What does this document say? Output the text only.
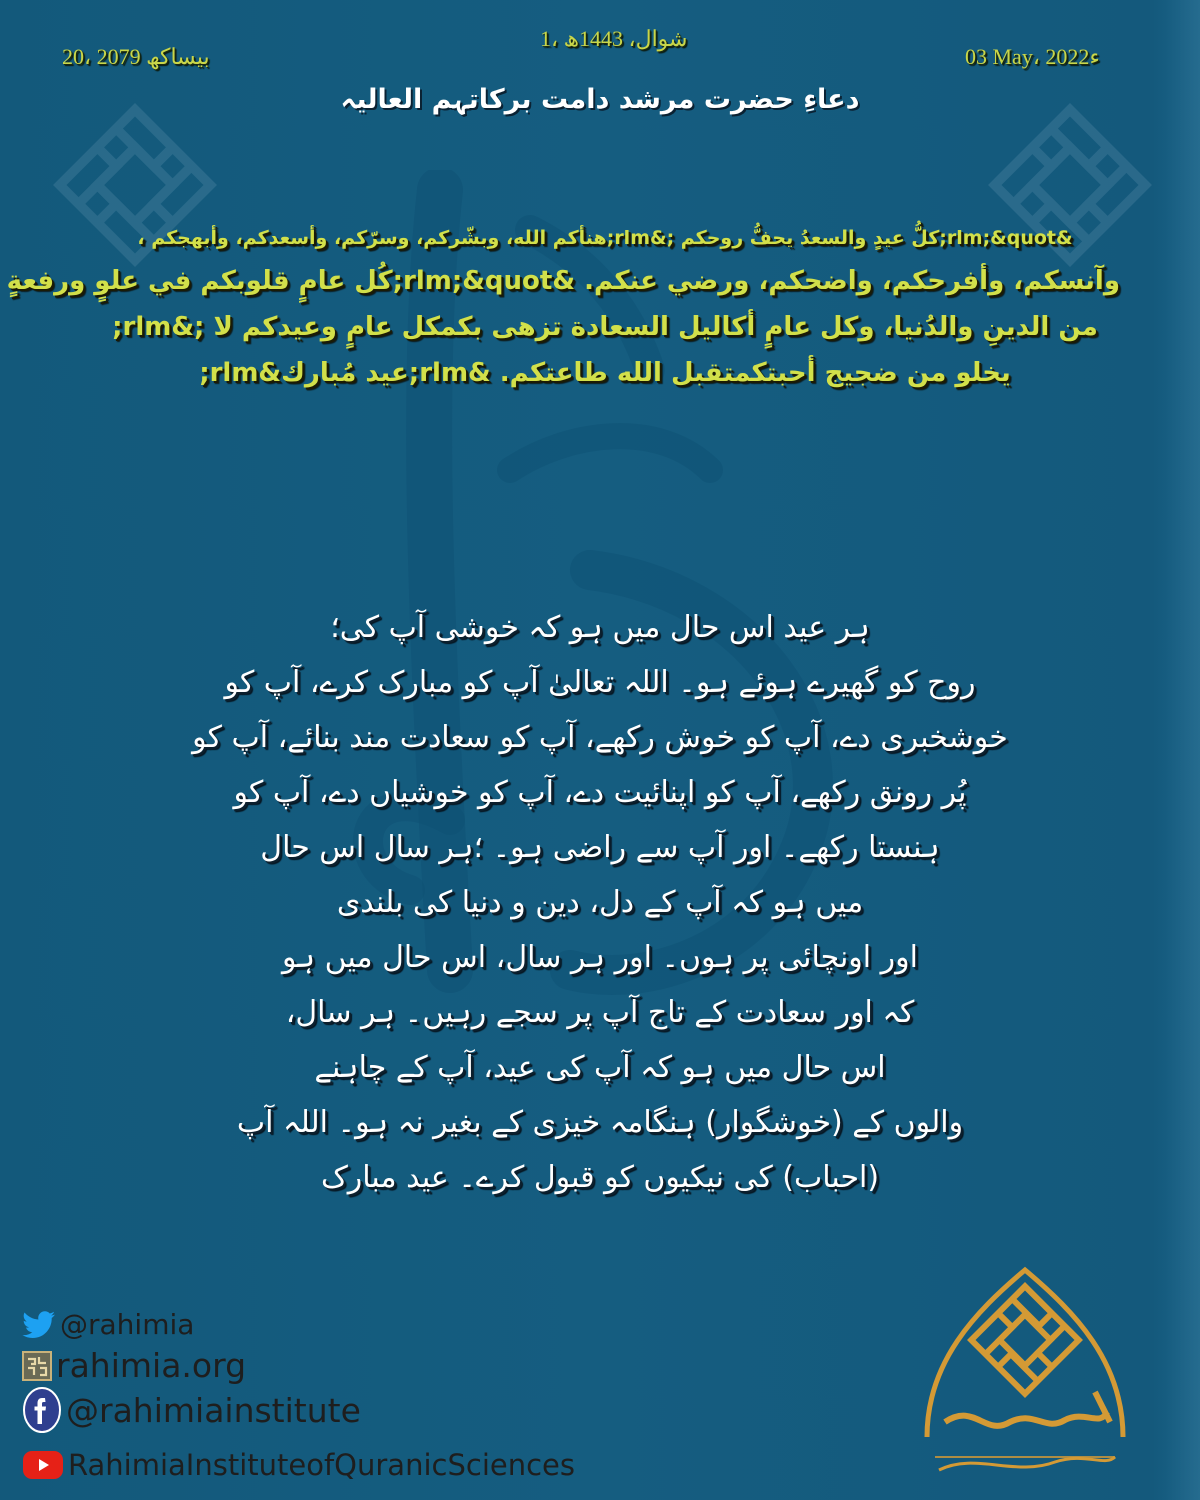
20، بیساکھ 2079
1، شوال، 1443ھ
03 May، 2022ء
دعاءِ حضرت مرشد دامت برکاتہم العالیہ
&rlm;&quot;كلُّ عيدٍ والسعدُ يحفُّ روحكم ;&rlm;هنأكم الله، وبشّركم، وسرّكم، وأسعدكم، وأبهجكم ،
وآنسكم، وأفرحكم، واضحكم، ورضي عنكم. &rlm;&quot;كُل عامٍ قلوبكم في علوٍ ورفعةٍ
من الدينِ والدُنيا، وكل عامٍ أكاليل السعادة تزهى بكمكل عامٍ وعيدكم لا ;&rlm;
يخلو من ضجيج أحبتكمتقبل الله طاعتكم. &rlm;عيد مُبارك&rlm;
ہر عید اس حال میں ہو کہ خوشی آپ کی؛
روح کو گھیرے ہوئے ہو۔ اللہ تعالیٰ آپ کو مبارک کرے، آپ کو
خوشخبری دے، آپ کو خوش رکھے، آپ کو سعادت مند بنائے، آپ کو
پُر رونق رکھے، آپ کو اپنائیت دے، آپ کو خوشیاں دے، آپ کو
ہنستا رکھے۔ اور آپ سے راضی ہو۔ ؛ہر سال اس حال
میں ہو کہ آپ کے دل، دین و دنیا کی بلندی
اور اونچائی پر ہوں۔ اور ہر سال، اس حال میں ہو
کہ اور سعادت کے تاج آپ پر سجے رہیں۔ ہر سال،
اس حال میں ہو کہ آپ کی عید، آپ کے چاہنے
والوں کے (خوشگوار) ہنگامہ خیزی کے بغیر نہ ہو۔ اللہ آپ
(احباب) کی نیکیوں کو قبول کرے۔ عید مبارک
@rahimia
rahimia.org
@rahimiainstitute
RahimiaInstituteofQuranicSciences
